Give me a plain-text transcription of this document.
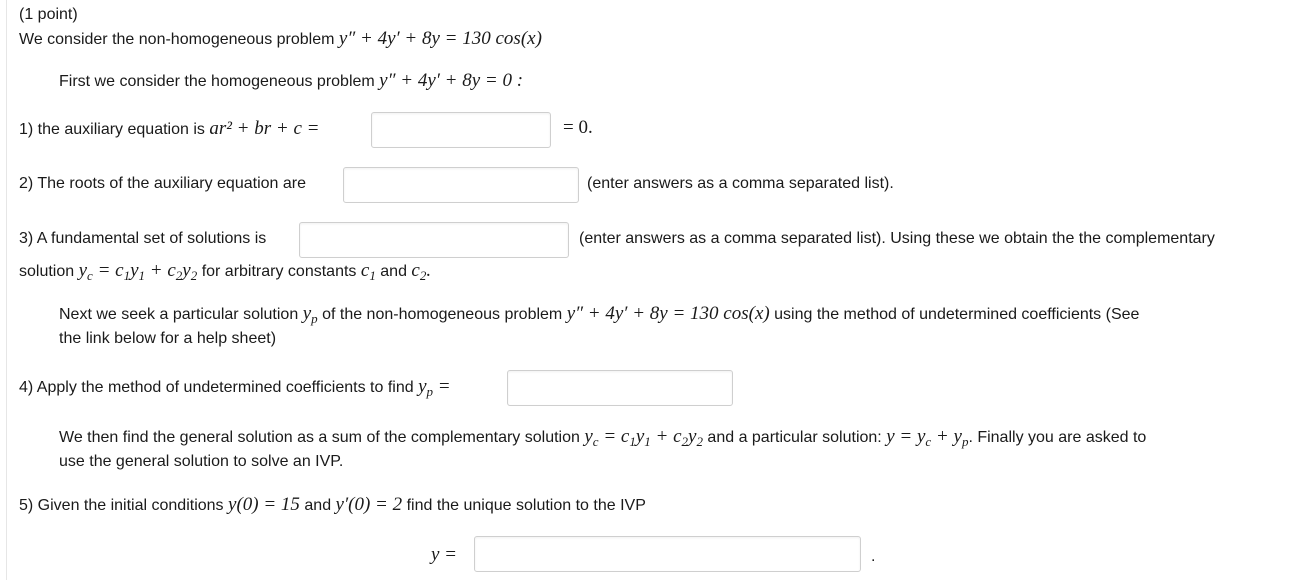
(1 point)
We consider the non-homogeneous problem y″ + 4y′ + 8y = 130 cos(x)
First we consider the homogeneous problem y″ + 4y′ + 8y = 0 :
1) the auxiliary equation is ar² + br + c =	= 0.
2) The roots of the auxiliary equation are	(enter answers as a comma separated list).
3) A fundamental set of solutions is	(enter answers as a comma separated list). Using these we obtain the the complementary
solution $y_c = c_1y_1 + c_2y_2$ for arbitrary constants $c_1$ and $c_2$.
Next we seek a particular solution $y_p$ of the non-homogeneous problem y″ + 4y′ + 8y = 130 cos(x) using the method of undetermined coefficients (See
the link below for a help sheet)
4) Apply the method of undetermined coefficients to find $y_p$ =
We then find the general solution as a sum of the complementary solution $y_c = c_1y_1 + c_2y_2$ and a particular solution: $y = y_c + y_p$. Finally you are asked to
use the general solution to solve an IVP.
5) Given the initial conditions y(0) = 15 and y′(0) = 2 find the unique solution to the IVP
y =	.
